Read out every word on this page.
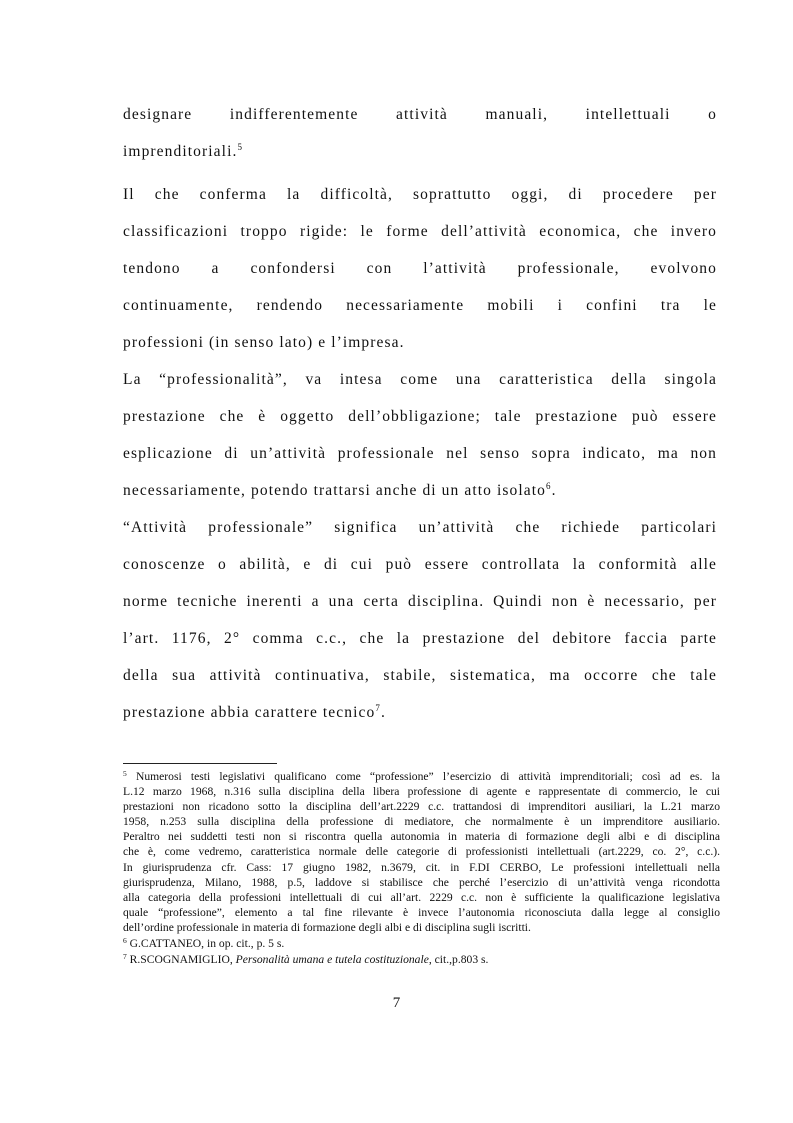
designare indifferentemente attività manuali, intellettuali o
imprenditoriali.$^5$
Il che conferma la difficoltà, soprattutto oggi, di procedere per
classificazioni troppo rigide: le forme dell’attività economica, che invero
tendono a confondersi con l’attività professionale, evolvono
continuamente, rendendo necessariamente mobili i confini tra le
professioni (in senso lato) e l’impresa.
La “professionalità”, va intesa come una caratteristica della singola
prestazione che è oggetto dell’obbligazione; tale prestazione può essere
esplicazione di un’attività professionale nel senso sopra indicato, ma non
necessariamente, potendo trattarsi anche di un atto isolato$^6$.
“Attività professionale” significa un’attività che richiede particolari
conoscenze o abilità, e di cui può essere controllata la conformità alle
norme tecniche inerenti a una certa disciplina. Quindi non è necessario, per
l’art. 1176, 2° comma c.c., che la prestazione del debitore faccia parte
della sua attività continuativa, stabile, sistematica, ma occorre che tale
prestazione abbia carattere tecnico$^7$.
$^5$ Numerosi testi legislativi qualificano come “professione” l’esercizio di attività imprenditoriali; così ad es. la
L.12 marzo 1968, n.316 sulla disciplina della libera professione di agente e rappresentate di commercio, le cui
prestazioni non ricadono sotto la disciplina dell’art.2229 c.c. trattandosi di imprenditori ausiliari, la L.21 marzo
1958, n.253 sulla disciplina della professione di mediatore, che normalmente è un imprenditore ausiliario.
Peraltro nei suddetti testi non si riscontra quella autonomia in materia di formazione degli albi e di disciplina
che è, come vedremo, caratteristica normale delle categorie di professionisti intellettuali (art.2229, co. 2°, c.c.).
In giurisprudenza cfr. Cass: 17 giugno 1982, n.3679, cit. in F.DI CERBO, Le professioni intellettuali nella
giurisprudenza, Milano, 1988, p.5, laddove si stabilisce che perché l’esercizio di un’attività venga ricondotta
alla categoria della professioni intellettuali di cui all’art. 2229 c.c. non è sufficiente la qualificazione legislativa
quale “professione”, elemento a tal fine rilevante è invece l’autonomia riconosciuta dalla legge al consiglio
dell’ordine professionale in materia di formazione degli albi e di disciplina sugli iscritti.
$^6$ G.CATTANEO, in op. cit., p. 5 s.
$^7$ R.SCOGNAMIGLIO, Personalità umana e tutela costituzionale, cit.,p.803 s.
7
